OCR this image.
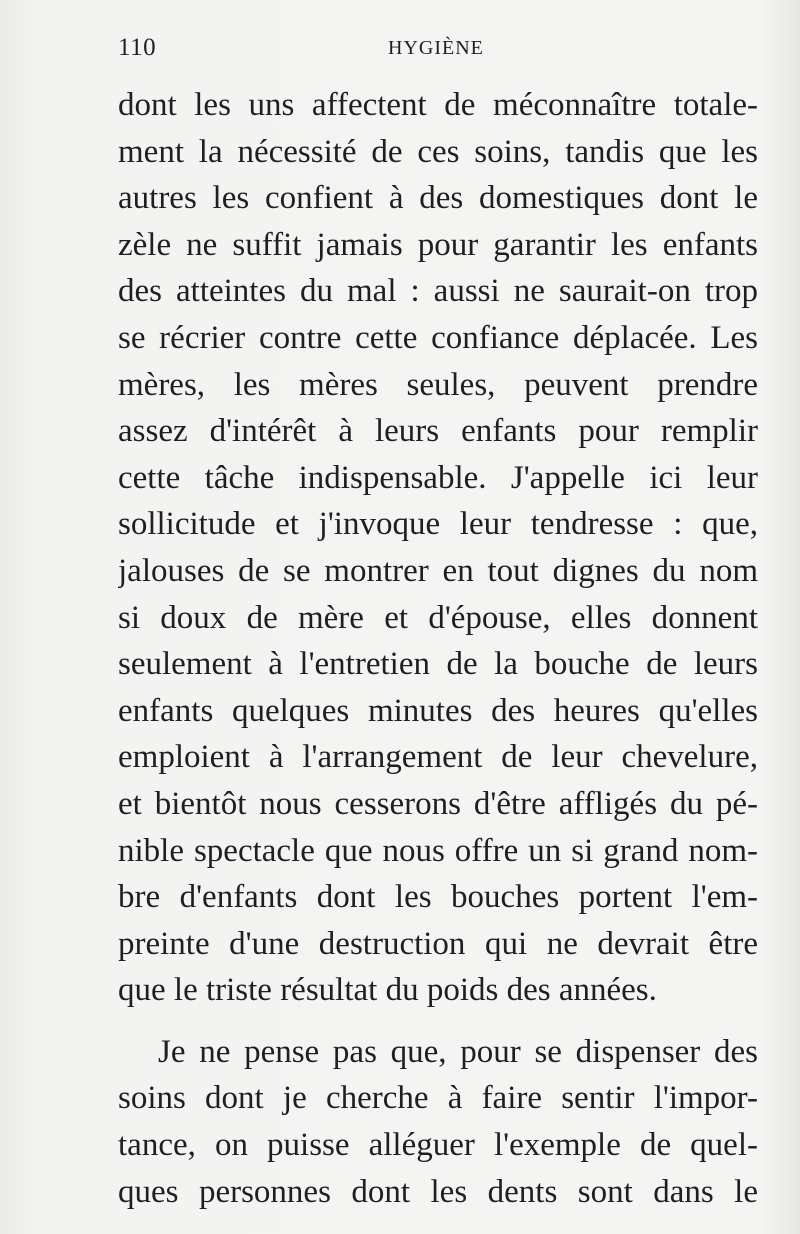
110	HYGIÈNE
dont les uns affectent de méconnaître totale-
ment la nécessité de ces soins, tandis que les
autres les confient à des domestiques dont le
zèle ne suffit jamais pour garantir les enfants
des atteintes du mal : aussi ne saurait-on trop
se récrier contre cette confiance déplacée. Les
mères, les mères seules, peuvent prendre
assez d'intérêt à leurs enfants pour remplir
cette tâche indispensable. J'appelle ici leur
sollicitude et j'invoque leur tendresse : que,
jalouses de se montrer en tout dignes du nom
si doux de mère et d'épouse, elles donnent
seulement à l'entretien de la bouche de leurs
enfants quelques minutes des heures qu'elles
emploient à l'arrangement de leur chevelure,
et bientôt nous cesserons d'être affligés du pé-
nible spectacle que nous offre un si grand nom-
bre d'enfants dont les bouches portent l'em-
preinte d'une destruction qui ne devrait être
que le triste résultat du poids des années.
Je ne pense pas que, pour se dispenser des
soins dont je cherche à faire sentir l'impor-
tance, on puisse alléguer l'exemple de quel-
ques personnes dont les dents sont dans le
